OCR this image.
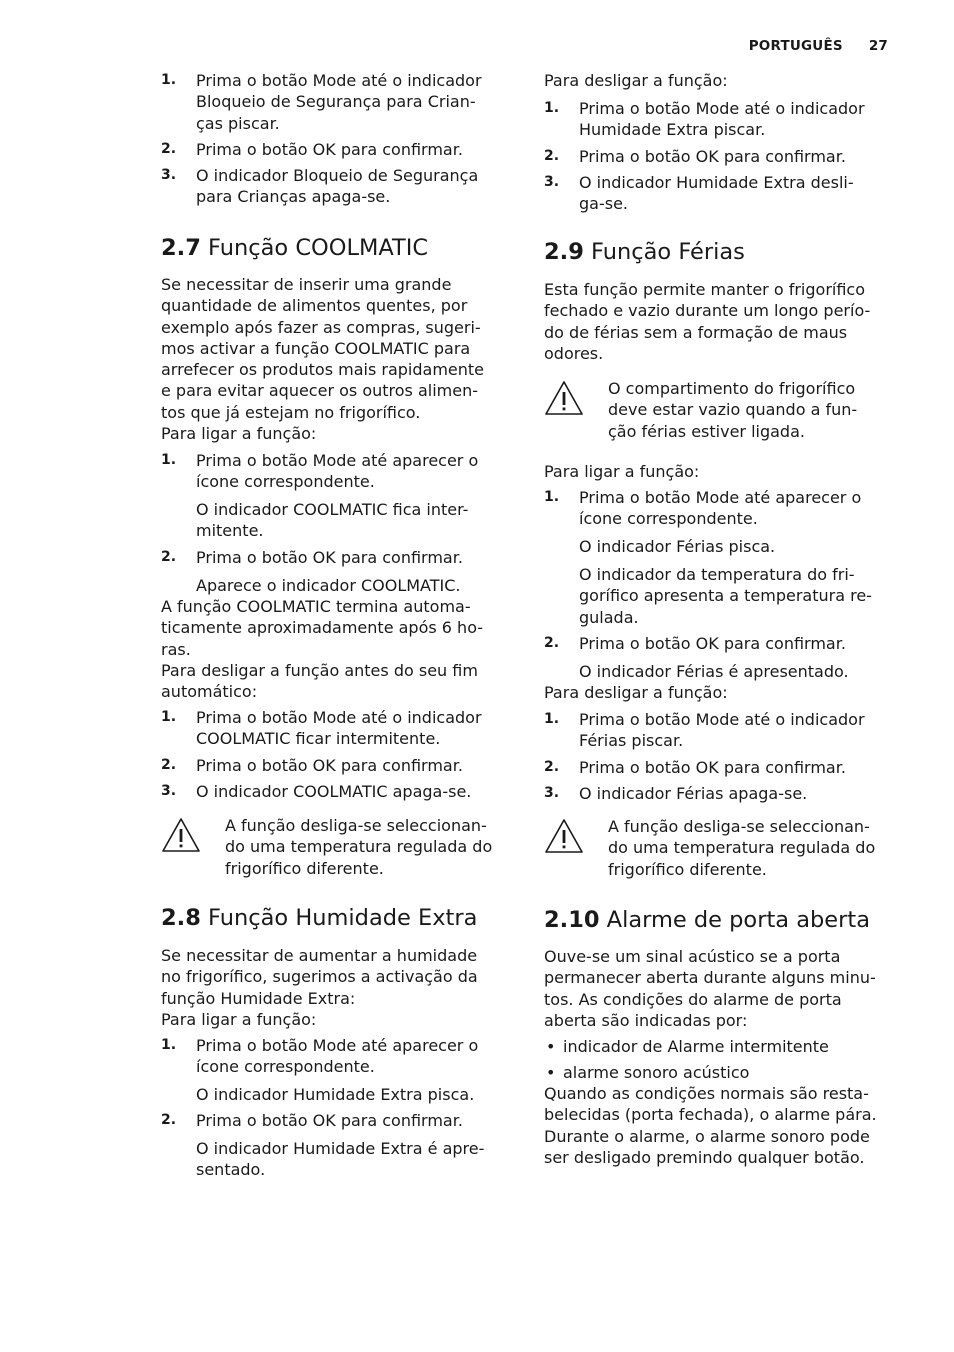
PORTUGUÊS 27
1. Prima o botão Mode até o indicador
Bloqueio de Segurança para Crian-
ças piscar.
2. Prima o botão OK para confirmar.
3. O indicador Bloqueio de Segurança
para Crianças apaga-se.
2.7 Função COOLMATIC
Se necessitar de inserir uma grande
quantidade de alimentos quentes, por
exemplo após fazer as compras, sugeri-
mos activar a função COOLMATIC para
arrefecer os produtos mais rapidamente
e para evitar aquecer os outros alimen-
tos que já estejam no frigorífico.
Para ligar a função:
1. Prima o botão Mode até aparecer o
ícone correspondente.
O indicador COOLMATIC fica inter-
mitente.
2. Prima o botão OK para confirmar.
Aparece o indicador COOLMATIC.
A função COOLMATIC termina automa-
ticamente aproximadamente após 6 ho-
ras.
Para desligar a função antes do seu fim
automático:
1. Prima o botão Mode até o indicador
COOLMATIC ficar intermitente.
2. Prima o botão OK para confirmar.
3. O indicador COOLMATIC apaga-se.
A função desliga-se seleccionan-
do uma temperatura regulada do
frigorífico diferente.
2.8 Função Humidade Extra
Se necessitar de aumentar a humidade
no frigorífico, sugerimos a activação da
função Humidade Extra:
Para ligar a função:
1. Prima o botão Mode até aparecer o
ícone correspondente.
O indicador Humidade Extra pisca.
2. Prima o botão OK para confirmar.
O indicador Humidade Extra é apre-
sentado.
Para desligar a função:
1. Prima o botão Mode até o indicador
Humidade Extra piscar.
2. Prima o botão OK para confirmar.
3. O indicador Humidade Extra desli-
ga-se.
2.9 Função Férias
Esta função permite manter o frigorífico
fechado e vazio durante um longo perío-
do de férias sem a formação de maus
odores.
O compartimento do frigorífico
deve estar vazio quando a fun-
ção férias estiver ligada.
Para ligar a função:
1. Prima o botão Mode até aparecer o
ícone correspondente.
O indicador Férias pisca.
O indicador da temperatura do fri-
gorífico apresenta a temperatura re-
gulada.
2. Prima o botão OK para confirmar.
O indicador Férias é apresentado.
Para desligar a função:
1. Prima o botão Mode até o indicador
Férias piscar.
2. Prima o botão OK para confirmar.
3. O indicador Férias apaga-se.
A função desliga-se seleccionan-
do uma temperatura regulada do
frigorífico diferente.
2.10 Alarme de porta aberta
Ouve-se um sinal acústico se a porta
permanecer aberta durante alguns minu-
tos. As condições do alarme de porta
aberta são indicadas por:
• indicador de Alarme intermitente
• alarme sonoro acústico
Quando as condições normais são resta-
belecidas (porta fechada), o alarme pára.
Durante o alarme, o alarme sonoro pode
ser desligado premindo qualquer botão.
